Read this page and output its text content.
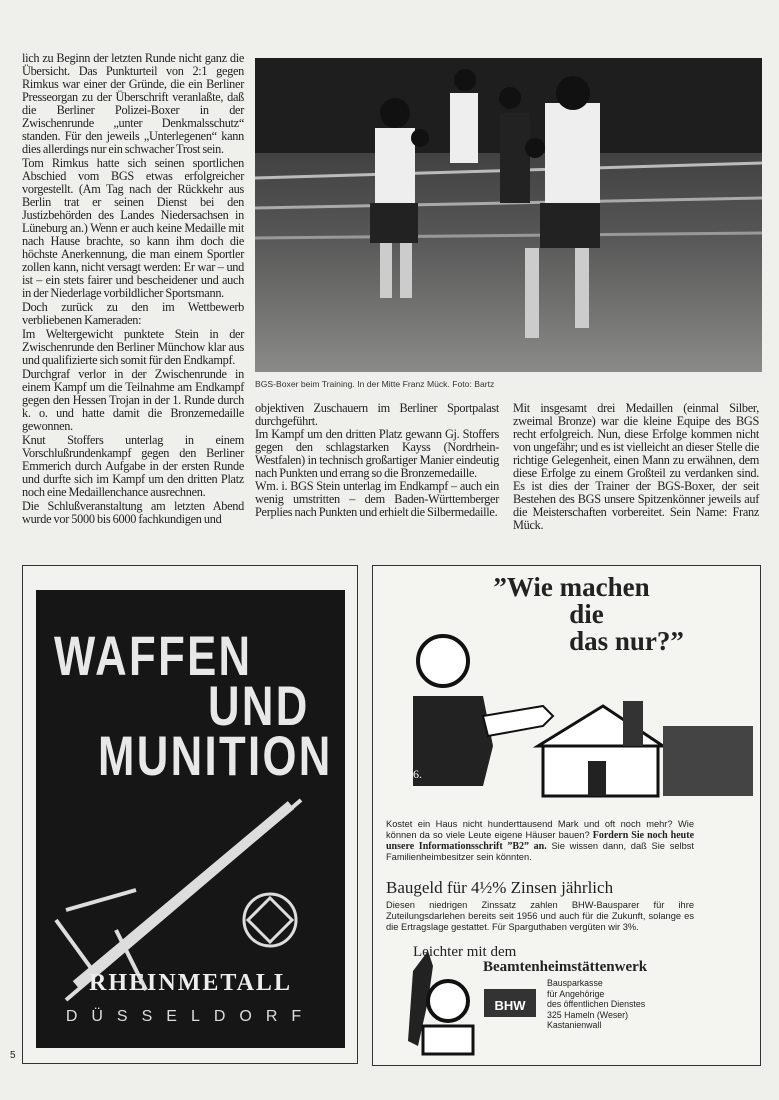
lich zu Beginn der letzten Runde nicht ganz die Übersicht. Das Punkturteil von 2:1 gegen Rimkus war einer der Gründe, die ein Berliner Presseorgan zu der Überschrift veranlaßte, daß die Berliner Polizei-Boxer in der Zwischenrunde „unter Denkmalsschutz“ standen. Für den jeweils „Unterlegenen“ kann dies allerdings nur ein schwacher Trost sein.

Tom Rimkus hatte sich seinen sportlichen Abschied vom BGS etwas erfolgreicher vorgestellt. (Am Tag nach der Rückkehr aus Berlin trat er seinen Dienst bei den Justizbehörden des Landes Niedersachsen in Lüneburg an.) Wenn er auch keine Medaille mit nach Hause brachte, so kann ihm doch die höchste Anerkennung, die man einem Sportler zollen kann, nicht versagt werden: Er war – und ist – ein stets fairer und bescheidener und auch in der Niederlage vorbildlicher Sportsmann.

Doch zurück zu den im Wettbewerb verbliebenen Kameraden:

Im Weltergewicht punktete Stein in der Zwischenrunde den Berliner Münchow klar aus und qualifizierte sich somit für den Endkampf.

Durchgraf verlor in der Zwischenrunde in einem Kampf um die Teilnahme am Endkampf gegen den Hessen Trojan in der 1. Runde durch k. o. und hatte damit die Bronzemedaille gewonnen.

Knut Stoffers unterlag in einem Vorschlußrundenkampf gegen den Berliner Emmerich durch Aufgabe in der ersten Runde und durfte sich im Kampf um den dritten Platz noch eine Medaillenchance ausrechnen.

Die Schlußveranstaltung am letzten Abend wurde vor 5000 bis 6000 fachkundigen und

BGS-Boxer beim Training. In der Mitte Franz Mück. Foto: Bartz

objektiven Zuschauern im Berliner Sportpalast durchgeführt.

Im Kampf um den dritten Platz gewann Gj. Stoffers gegen den schlagstarken Kayss (Nordrhein-Westfalen) in technisch großartiger Manier eindeutig nach Punkten und errang so die Bronzemedaille.

Wm. i. BGS Stein unterlag im Endkampf – auch ein wenig umstritten – dem Baden-Württemberger Perplies nach Punkten und erhielt die Silbermedaille.

Mit insgesamt drei Medaillen (einmal Silber, zweimal Bronze) war die kleine Equipe des BGS recht erfolgreich. Nun, diese Erfolge kommen nicht von ungefähr; und es ist vielleicht an dieser Stelle die richtige Gelegenheit, einen Mann zu erwähnen, dem diese Erfolge zu einem Großteil zu verdanken sind. Es ist dies der Trainer der BGS-Boxer, der seit Bestehen des BGS unsere Spitzenkönner jeweils auf die Meisterschaften vorbereitet. Sein Name: Franz Mück.

WAFFEN
UND
MUNITION
RHEINMETALL
DÜSSELDORF
”Wie machen
die
das nur?”
6.
Kostet ein Haus nicht hunderttausend Mark und oft noch mehr? Wie können da so viele Leute eigene Häuser bauen? Fordern Sie noch heute unsere Informationsschrift ”B2” an. Sie wissen dann, daß Sie selbst Familienheimbesitzer sein könnten.
Baugeld für 4½% Zinsen jährlich
Diesen niedrigen Zinssatz zahlen BHW-Bausparer für ihre Zuteilungsdarlehen bereits seit 1956 und auch für die Zukunft, solange es die Ertragslage gestattet. Für Sparguthaben vergüten wir 3%.
Leichter mit dem
Beamtenheimstättenwerk
BHW
Bausparkasse
für Angehörige
des öffentlichen Dienstes
325 Hameln (Weser)
Kastanienwall
5
